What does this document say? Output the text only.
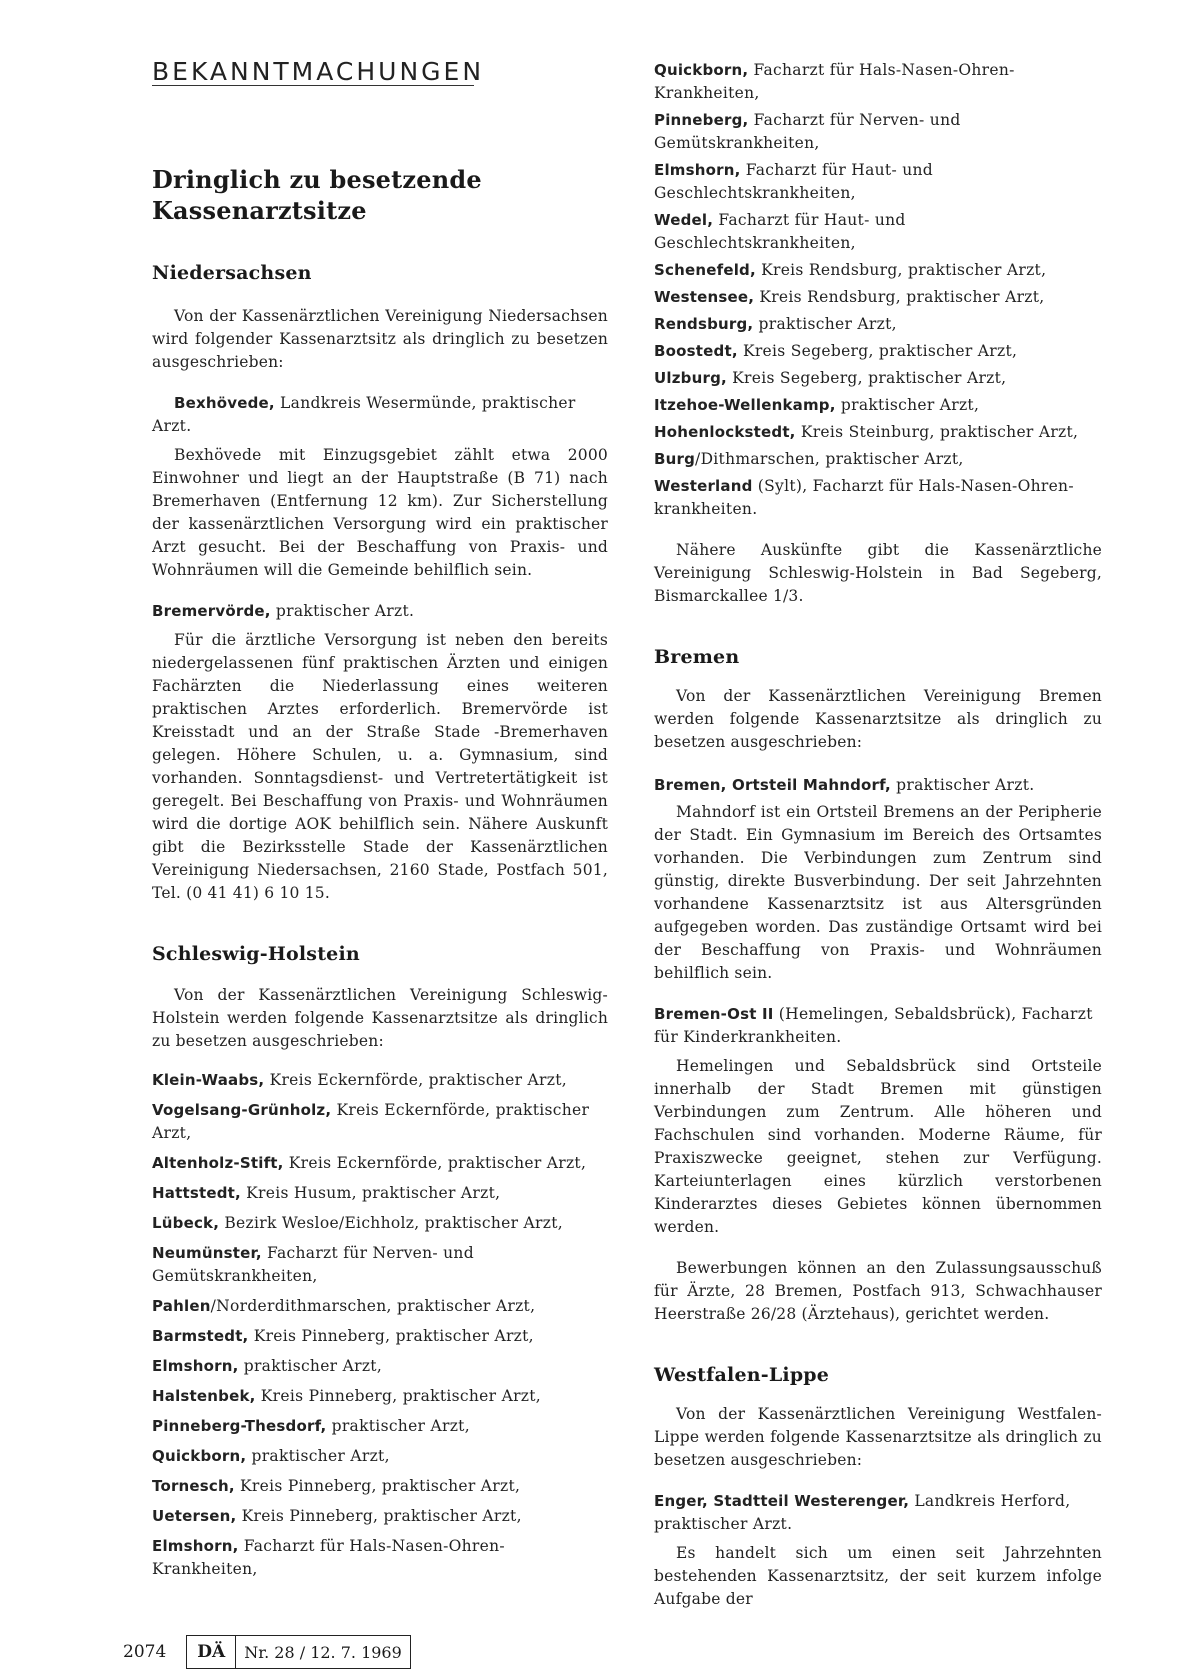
BEKANNTMACHUNGEN
Dringlich zu besetzende
Kassenarztsitze
Niedersachsen

Von der Kassenärztlichen Vereinigung Niedersachsen wird folgender Kassenarztsitz als dringlich zu besetzen ausgeschrieben:

Bexhövede, Landkreis Wesermünde, praktischer Arzt.

Bexhövede mit Einzugsgebiet zählt etwa 2000 Einwohner und liegt an der Hauptstraße (B 71) nach Bremerhaven (Entfernung 12 km). Zur Sicherstellung der kassenärztlichen Versorgung wird ein praktischer Arzt gesucht. Bei der Beschaffung von Praxis- und Wohnräumen will die Gemeinde behilflich sein.

Bremervörde, praktischer Arzt.

Für die ärztliche Versorgung ist neben den bereits niedergelassenen fünf praktischen Ärzten und einigen Fachärzten die Niederlassung eines weiteren praktischen Arztes erforderlich. Bremervörde ist Kreisstadt und an der Straße Stade -Bremerhaven gelegen. Höhere Schulen, u. a. Gymnasium, sind vorhanden. Sonntagsdienst- und Vertretertätigkeit ist geregelt. Bei Beschaffung von Praxis- und Wohnräumen wird die dortige AOK behilflich sein. Nähere Auskunft gibt die Bezirksstelle Stade der Kassenärztlichen Vereinigung Niedersachsen, 2160 Stade, Postfach 501, Tel. (0 41 41) 6 10 15.

Schleswig-Holstein

Von der Kassenärztlichen Vereinigung Schleswig-Holstein werden folgende Kassenarztsitze als dringlich zu besetzen ausgeschrieben:

Klein-Waabs, Kreis Eckernförde, praktischer Arzt,

Vogelsang-Grünholz, Kreis Eckernförde, praktischer Arzt,

Altenholz-Stift, Kreis Eckernförde, praktischer Arzt,

Hattstedt, Kreis Husum, praktischer Arzt,

Lübeck, Bezirk Wesloe/Eichholz, praktischer Arzt,

Neumünster, Facharzt für Nerven- und Gemütskrankheiten,

Pahlen/Norderdithmarschen, praktischer Arzt,

Barmstedt, Kreis Pinneberg, praktischer Arzt,

Elmshorn, praktischer Arzt,

Halstenbek, Kreis Pinneberg, praktischer Arzt,

Pinneberg-Thesdorf, praktischer Arzt,

Quickborn, praktischer Arzt,

Tornesch, Kreis Pinneberg, praktischer Arzt,

Uetersen, Kreis Pinneberg, praktischer Arzt,

Elmshorn, Facharzt für Hals-Nasen-Ohren-Krankheiten,

Quickborn, Facharzt für Hals-Nasen-Ohren-Krankheiten,

Pinneberg, Facharzt für Nerven- und Gemütskrankheiten,

Elmshorn, Facharzt für Haut- und Geschlechtskrankheiten,

Wedel, Facharzt für Haut- und Geschlechtskrankheiten,

Schenefeld, Kreis Rendsburg, praktischer Arzt,

Westensee, Kreis Rendsburg, praktischer Arzt,

Rendsburg, praktischer Arzt,

Boostedt, Kreis Segeberg, praktischer Arzt,

Ulzburg, Kreis Segeberg, praktischer Arzt,

Itzehoe-Wellenkamp, praktischer Arzt,

Hohenlockstedt, Kreis Steinburg, praktischer Arzt,

Burg/Dithmarschen, praktischer Arzt,

Westerland (Sylt), Facharzt für Hals-Nasen-Ohren-krankheiten.

Nähere Auskünfte gibt die Kassenärztliche Vereinigung Schleswig-Holstein in Bad Segeberg, Bismarckallee 1/3.

Bremen

Von der Kassenärztlichen Vereinigung Bremen werden folgende Kassenarztsitze als dringlich zu besetzen ausgeschrieben:

Bremen, Ortsteil Mahndorf, praktischer Arzt.

Mahndorf ist ein Ortsteil Bremens an der Peripherie der Stadt. Ein Gymnasium im Bereich des Ortsamtes vorhanden. Die Verbindungen zum Zentrum sind günstig, direkte Busverbindung. Der seit Jahrzehnten vorhandene Kassenarztsitz ist aus Altersgründen aufgegeben worden. Das zuständige Ortsamt wird bei der Beschaffung von Praxis- und Wohnräumen behilflich sein.

Bremen-Ost II (Hemelingen, Sebaldsbrück), Facharzt für Kinderkrankheiten.

Hemelingen und Sebaldsbrück sind Ortsteile innerhalb der Stadt Bremen mit günstigen Verbindungen zum Zentrum. Alle höheren und Fachschulen sind vorhanden. Moderne Räume, für Praxiszwecke geeignet, stehen zur Verfügung. Karteiunterlagen eines kürzlich verstorbenen Kinderarztes dieses Gebietes können übernommen werden.

Bewerbungen können an den Zulassungsausschuß für Ärzte, 28 Bremen, Postfach 913, Schwachhauser Heerstraße 26/28 (Ärztehaus), gerichtet werden.

Westfalen-Lippe

Von der Kassenärztlichen Vereinigung Westfalen-Lippe werden folgende Kassenarztsitze als dringlich zu besetzen ausgeschrieben:

Enger, Stadtteil Westerenger, Landkreis Herford, praktischer Arzt.

Es handelt sich um einen seit Jahrzehnten bestehenden Kassenarztsitz, der seit kurzem infolge Aufgabe der

2074	DÄ	Nr. 28 / 12. 7. 1969
